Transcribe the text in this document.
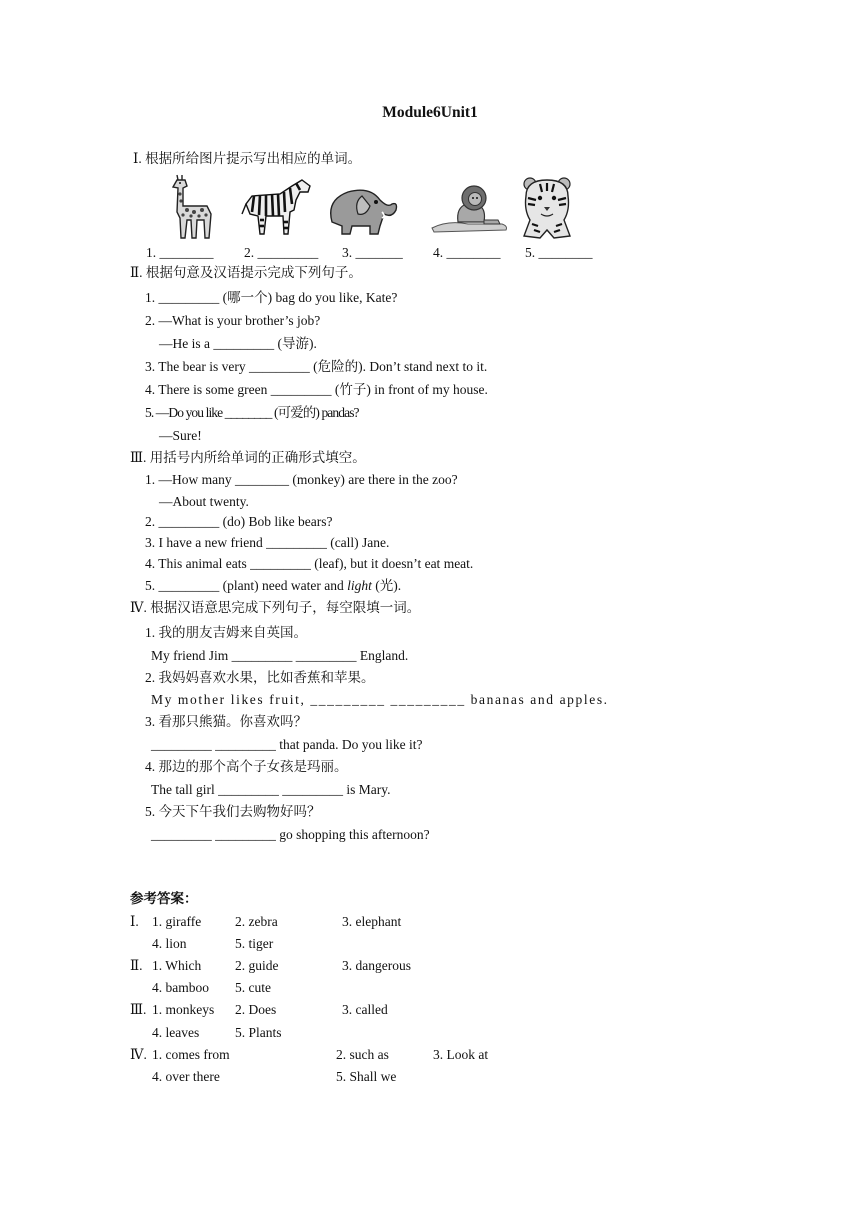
Module6Unit1
Ⅰ. 根据所给图片提示写出相应的单词。
1. ________ 2. _________ 3. _______ 4. ________ 5. ________
Ⅱ. 根据句意及汉语提示完成下列句子。
1. _________ (哪一个) bag do you like, Kate?
2. —What is your brother’s job?
—He is a _________ (导游).
3. The bear is very _________ (危险的). Don’t stand next to it.
4. There is some green _________ (竹子) in front of my house.
5. —Do you like ________ (可爱的) pandas?
—Sure!
Ⅲ. 用括号内所给单词的正确形式填空。
1. —How many ________ (monkey) are there in the zoo?
—About twenty.
2. _________ (do) Bob like bears?
3. I have a new friend _________ (call) Jane.
4. This animal eats _________ (leaf), but it doesn’t eat meat.
5. _________ (plant) need water and light (光).
Ⅳ. 根据汉语意思完成下列句子，每空限填一词。
1. 我的朋友吉姆来自英国。
My friend Jim _________ _________ England.
2. 我妈妈喜欢水果，比如香蕉和苹果。
My mother likes fruit, _________ _________ bananas and apples.
3. 看那只熊猫。你喜欢吗？
_________ _________ that panda. Do you like it?
4. 那边的那个高个子女孩是玛丽。
The tall girl _________ _________ is Mary.
5. 今天下午我们去购物好吗？
_________ _________ go shopping this afternoon?
参考答案：
Ⅰ. 1. giraffe	2. zebra	3. elephant
4. lion	5. tiger
Ⅱ. 1. Which	2. guide	3. dangerous
4. bamboo 5. cute
Ⅲ. 1. monkeys 2. Does	3. called
4. leaves	5. Plants
Ⅳ. 1. comes from	2. such as	3. Look at
4. over there	5. Shall we
